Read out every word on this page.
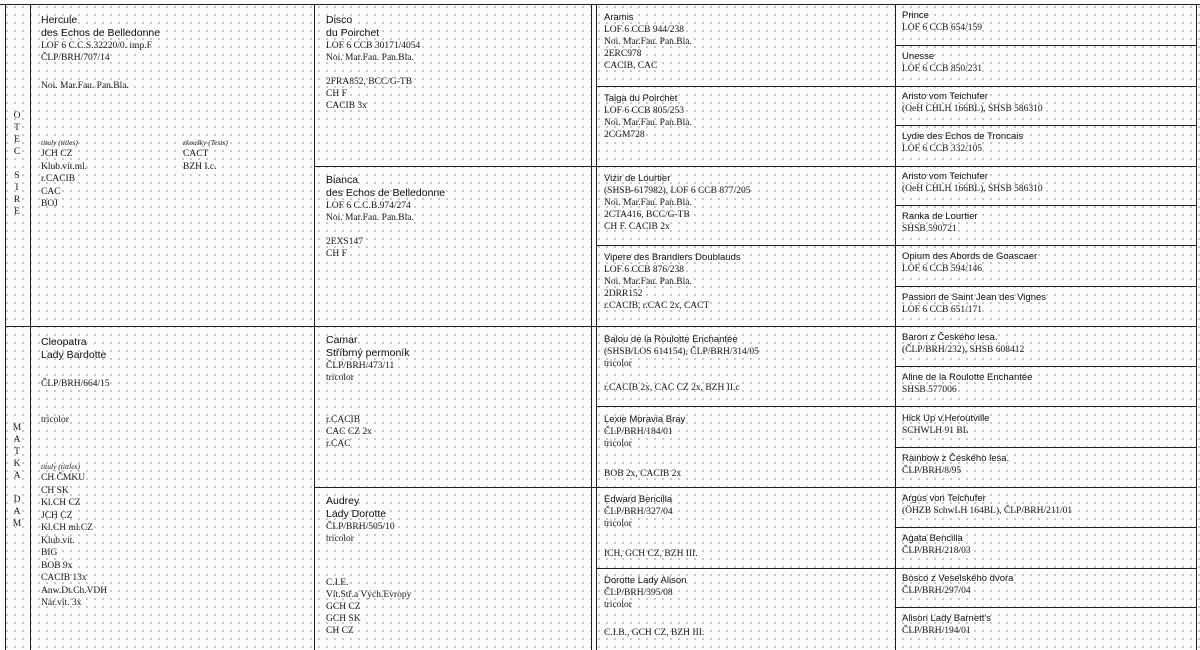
O
T
E
C

S
I
R
E
M
A
T
K
A

D
A
M
Hercule
des Echos de Belledonne
LOF 6 C.C.S.32220/0. imp.F
ČLP/BRH/707/14
Noi. Mar.Fau. Pan.Bla.
tituly (titles)
JCH CZ
Klub.vít.ml.
r.CACIB
CAC
BOJ
zkoušky (Tests)
CACT
BZH I.c.
Cleopatra
Lady Bardotte
ČLP/BRH/664/15
tricolor
tituly (tittles)
CH ČMKU
CH SK
Kl.CH CZ
JCH CZ
Kl.CH ml.CZ
Klub.vít.
BIG
BOB 9x
CACIB 13x
Anw.Dt.Ch.VDH
Nár.vít. 3x
Disco
du Poirchet
LOF 6 CCB 30171/4054
Noi. Mar.Fau. Pan.Bla.
2FRA852, BCC/G-TB
CH F
CACIB 3x
Bianca
des Echos de Belledonne
LOF 6 C.C.B.974/274
Noi. Mar.Fau. Pan.Bla.
2EXS147
CH F
Camar
Stříbrný permoník
ČLP/BRH/473/11
tricolor
r.CACIB
CAC CZ 2x
r.CAC
Audrey
Lady Dorotte
ČLP/BRH/505/10
tricolor
C.I.E.
Vít.Stř.a Vých.Evropy
GCH CZ
GCH SK
CH CZ
Aramis
LOF 6 CCB 944/238
Noi. Mar.Fau. Pan.Bla.
2ERC978
CACIB, CAC
Taiga du Poirchet
LOF 6 CCB 805/253
Noi. Mar.Fau. Pan.Bla.
2CGM728
Vizir de Lourtier
(SHSB-617982), LOF 6 CCB 877/205
Noi. Mar.Fau. Pan.Bla.
2CTA416, BCC/G-TB
CH F. CACIB 2x
Vipere des Brandiers Doublauds
LOF 6 CCB 876/238
Noi. Mar.Fau. Pan.Bla.
2DRR152
r.CACIB, r.CAC 2x, CACT
Balou de la Roulotte Enchantée
(SHSB/LOS 614154), ČLP/BRH/314/05
tricolor
r.CACIB 2x, CAC CZ 2x, BZH II.c
Lexie Moravia Bray
ČLP/BRH/184/01
tricolor
BOB 2x, CACIB 2x
Edward Bencilla
ČLP/BRH/327/04
tricolor
ICH, GCH CZ, BZH III.
Dorotte Lady Alison
ČLP/BRH/395/08
tricolor
C.I.B., GCH CZ, BZH III.
Prince
LOF 6 CCB 654/159
Unesse
LOF 6 CCB 850/231
Aristo vom Teichufer
(OeH CHLH 166BL), SHSB 586310
Lydie des Echos de Troncais
LOF 6 CCB 332/105
Aristo vom Teichufer
(OeH CHLH 166BL), SHSB 586310
Ranka de Lourtier
SHSB 590721
Opium des Abords de Goascaer
LOF 6 CCB 594/146
Passion de Saint Jean des Vignes
LOF 6 CCB 651/171
Baron z Českého lesa.
(ČLP/BRH/232), SHSB 608412
Aline de la Roulotte Enchantée
SHSB 577006
Hick Up v.Heroutville
SCHWLH 91 BL
Rainbow z Českého lesa.
ČLP/BRH/8/95
Argus von Teichufer
(ÖHZB SchwLH 164BL), ČLP/BRH/211/01
Agata Bencilla
ČLP/BRH/218/03
Bosco z Veselského dvora
ČLP/BRH/297/04
Alison Lady Barnett's
ČLP/BRH/194/01
